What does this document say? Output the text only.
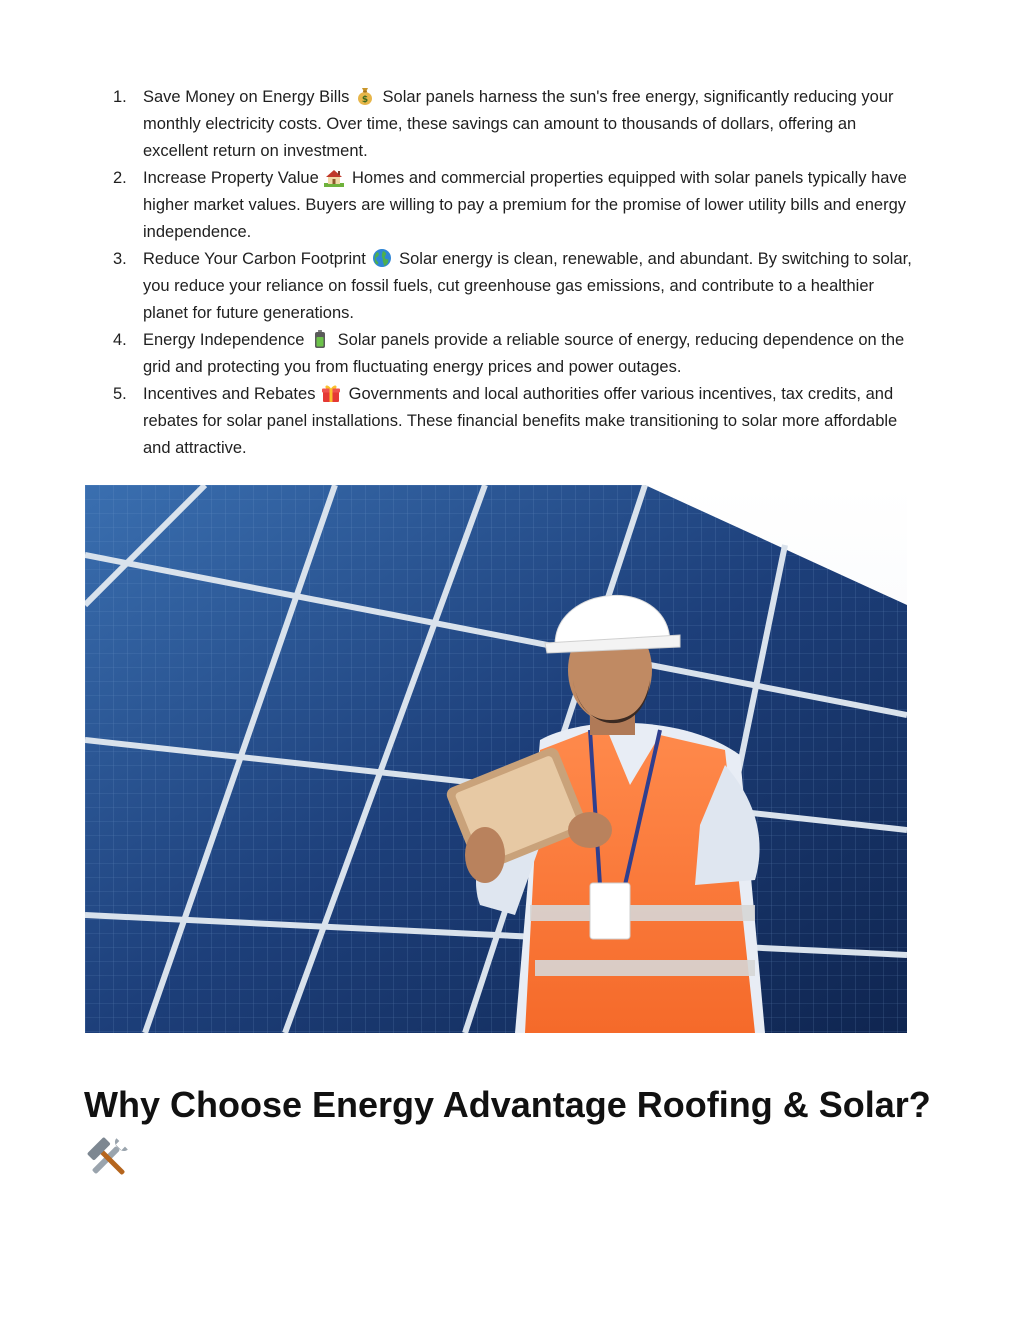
1. Save Money on Energy Bills $ Solar panels harness the sun's free energy, significantly reducing your monthly electricity costs. Over time, these savings can amount to thousands of dollars, offering an excellent return on investment.
2. Increase Property Value Homes and commercial properties equipped with solar panels typically have higher market values. Buyers are willing to pay a premium for the promise of lower utility bills and energy independence.
3. Reduce Your Carbon Footprint Solar energy is clean, renewable, and abundant. By switching to solar, you reduce your reliance on fossil fuels, cut greenhouse gas emissions, and contribute to a healthier planet for future generations.
4. Energy Independence Solar panels provide a reliable source of energy, reducing dependence on the grid and protecting you from fluctuating energy prices and power outages.
5. Incentives and Rebates Governments and local authorities offer various incentives, tax credits, and rebates for solar panel installations. These financial benefits make transitioning to solar more affordable and attractive.
Why Choose Energy Advantage Roofing & Solar?
